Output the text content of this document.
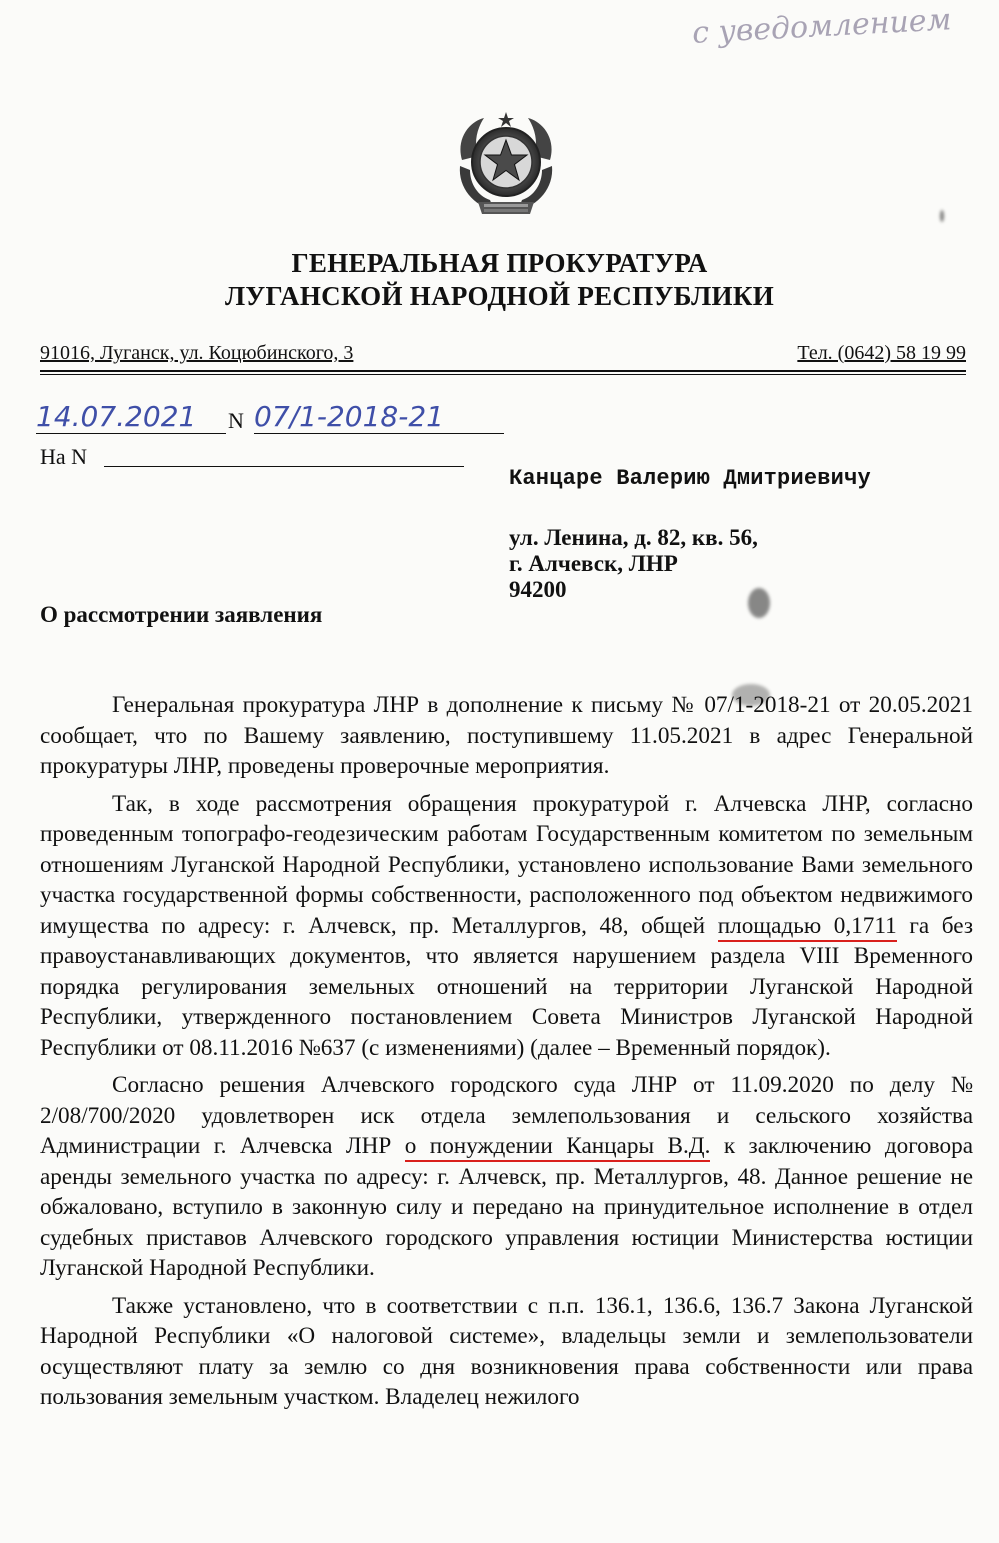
с уведомлением
ГЕНЕРАЛЬНАЯ ПРОКУРАТУРА
ЛУГАНСКОЙ НАРОДНОЙ РЕСПУБЛИКИ
91016, Луганск, ул. Коцюбинского, 3	Тел. (0642) 58 19 99
14.07.2021	N 07/1-2018-21
На N
Канцаре Валерию Дмитриевичу
ул. Ленина, д. 82, кв. 56,
г. Алчевск, ЛНР
94200
О рассмотрении заявления

Генеральная прокуратура ЛНР в дополнение к письму № 07/1-2018-21 от 20.05.2021 сообщает, что по Вашему заявлению, поступившему 11.05.2021 в адрес Генеральной прокуратуры ЛНР, проведены проверочные мероприятия.

Так, в ходе рассмотрения обращения прокуратурой г. Алчевска ЛНР, согласно проведенным топографо-геодезическим работам Государственным комитетом по земельным отношениям Луганской Народной Республики, установлено использование Вами земельного участка государственной формы собственности, расположенного под объектом недвижимого имущества по адресу: г. Алчевск, пр. Металлургов, 48, общей площадью 0,1711 га без правоустанавливающих документов, что является нарушением раздела VIII Временного порядка регулирования земельных отношений на территории Луганской Народной Республики, утвержденного постановлением Совета Министров Луганской Народной Республики от 08.11.2016 №637 (с изменениями) (далее – Временный порядок).

Согласно решения Алчевского городского суда ЛНР от 11.09.2020 по делу № 2/08/700/2020 удовлетворен иск отдела землепользования и сельского хозяйства Администрации г. Алчевска ЛНР о понуждении Канцары В.Д. к заключению договора аренды земельного участка по адресу: г. Алчевск, пр. Металлургов, 48. Данное решение не обжаловано, вступило в законную силу и передано на принудительное исполнение в отдел судебных приставов Алчевского городского управления юстиции Министерства юстиции Луганской Народной Республики.

Также установлено, что в соответствии с п.п. 136.1, 136.6, 136.7 Закона Луганской Народной Республики «О налоговой системе», владельцы земли и землепользователи осуществляют плату за землю со дня возникновения права собственности или права пользования земельным участком. Владелец нежилого
